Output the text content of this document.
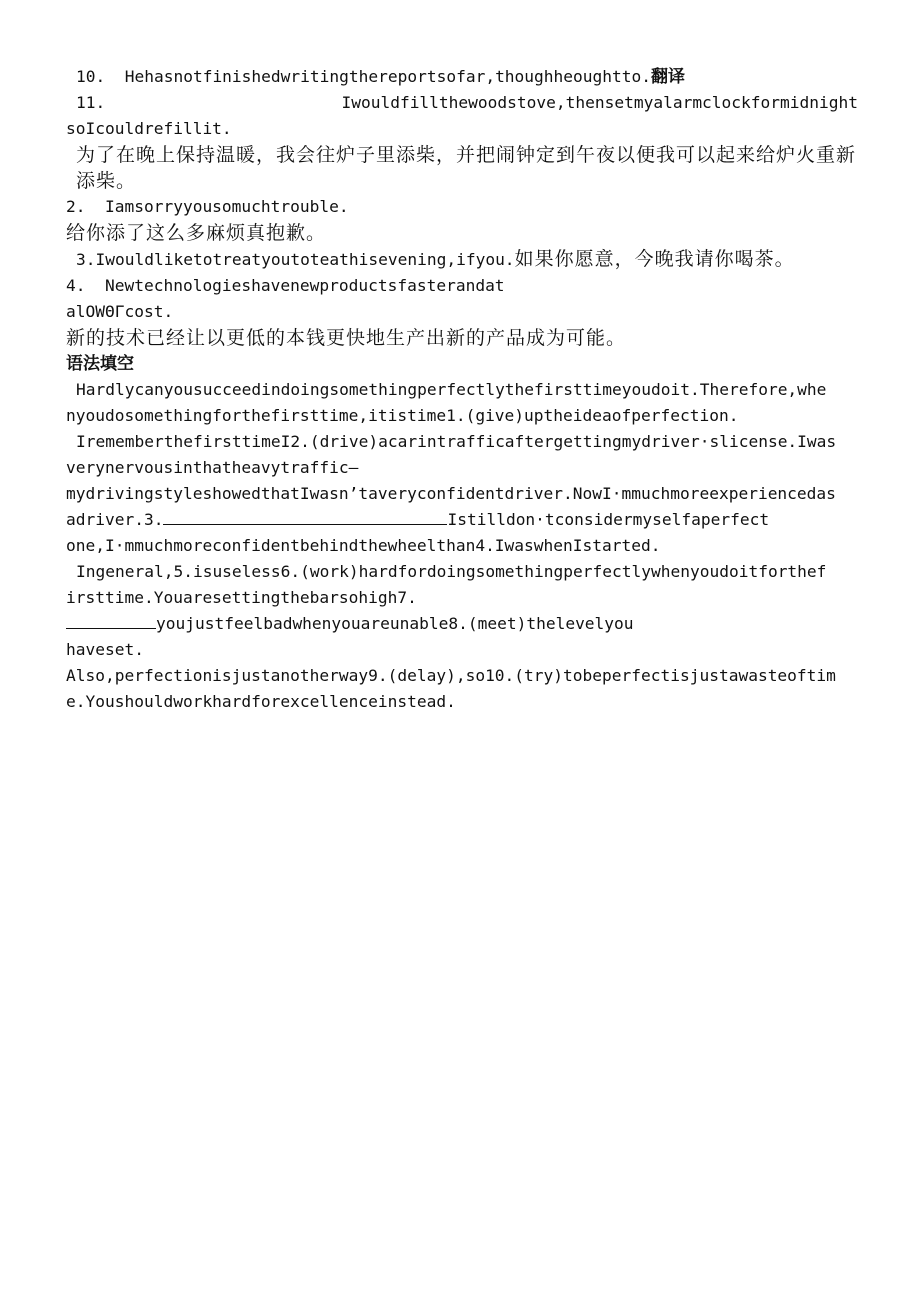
10.  Hehasnotfinishedwritingthereportsofar,thoughheoughtto.翻译
11.	Iwouldfillthewoodstove,thensetmyalarmclockformidnight
soIcouldrefillit.
为了在晚上保持温暖，我会往炉子里添柴，并把闹钟定到午夜以便我可以起来给炉火重新添柴。
2.  Iamsorryyousomuchtrouble.
给你添了这么多麻烦真抱歉。
3.Iwouldliketotreatyoutoteathisevening,ifyou.如果你愿意，今晚我请你喝茶。
4.  Newtechnologieshavenewproductsfasterandat
alOWΘΓcost.
新的技术已经让以更低的本钱更快地生产出新的产品成为可能。
语法填空
Hardlycanyousucceedindoingsomethingperfectlythefirsttimeyoudoit.Therefore,whe
nyoudosomethingforthefirsttime,itistime1.(give)uptheideaofperfection.
IrememberthefirsttimeI2.(drive)acarintrafficaftergettingmydriver·slicense.Iwas
verynervousinthatheavytraffic—
mydrivingstyleshowedthatIwasn’taveryconfidentdriver.NowI·mmuchmoreexperiencedas
adriver.3.	Istilldon·tconsidermyselfaperfect
one,I·mmuchmoreconfidentbehindthewheelthan4.IwaswhenIstarted.
Ingeneral,5.isuseless6.(work)hardfordoingsomethingperfectlywhenyoudoitforthef
irsttime.Youaresettingthebarsohigh7.
youjustfeelbadwhenyouareunable8.(meet)thelevelyou
haveset.
Also,perfectionisjustanotherway9.(delay),so10.(try)tobeperfectisjustawasteoftim
e.Youshouldworkhardforexcellenceinstead.
